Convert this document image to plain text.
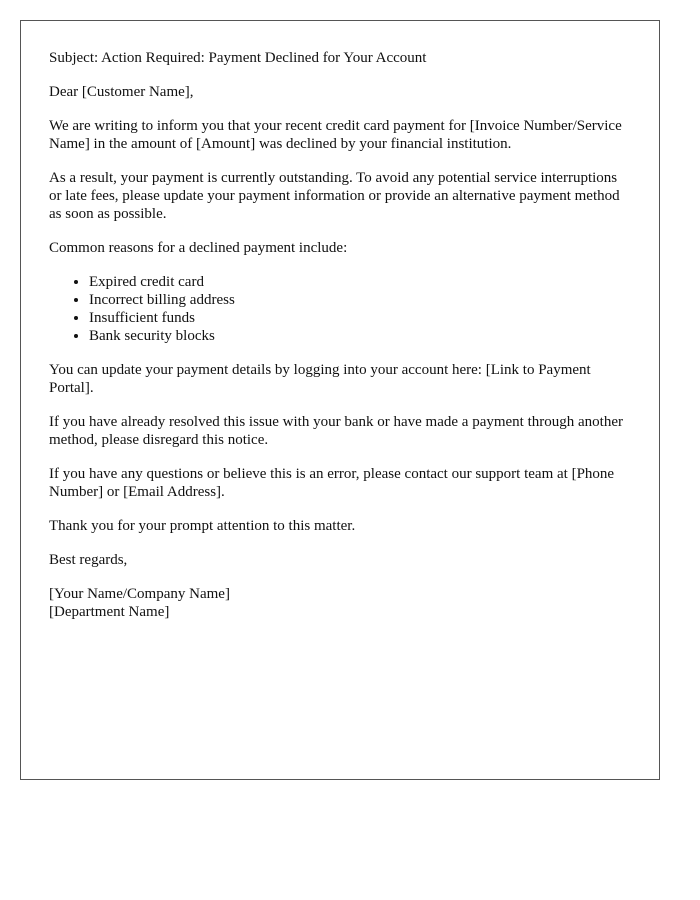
Subject: Action Required: Payment Declined for Your Account

Dear [Customer Name],

We are writing to inform you that your recent credit card payment for [Invoice Number/Service Name] in the amount of [Amount] was declined by your financial institution.

As a result, your payment is currently outstanding. To avoid any potential service interruptions or late fees, please update your payment information or provide an alternative payment method as soon as possible.

Common reasons for a declined payment include:

• Expired credit card
• Incorrect billing address
• Insufficient funds
• Bank security blocks

You can update your payment details by logging into your account here: [Link to Payment Portal].

If you have already resolved this issue with your bank or have made a payment through another method, please disregard this notice.

If you have any questions or believe this is an error, please contact our support team at [Phone Number] or [Email Address].

Thank you for your prompt attention to this matter.

Best regards,

[Your Name/Company Name]
[Department Name]
